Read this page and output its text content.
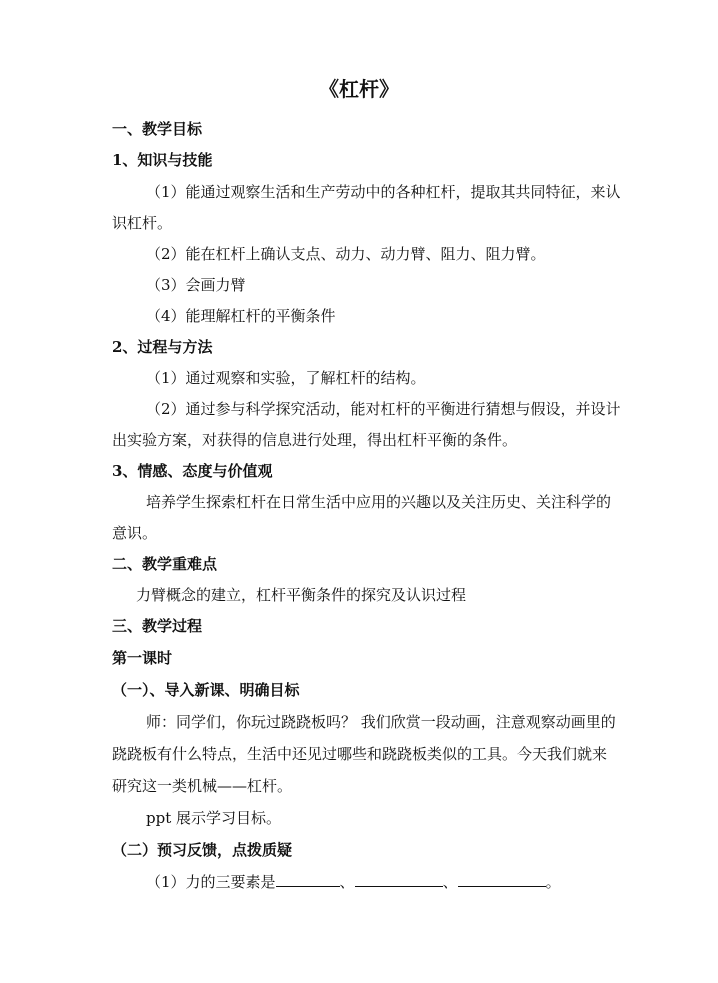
《杠杆》
一、教学目标
1、知识与技能
（1）能通过观察生活和生产劳动中的各种杠杆，提取其共同特征，来认
识杠杆。
（2）能在杠杆上确认支点、动力、动力臂、阻力、阻力臂。
（3）会画力臂
（4）能理解杠杆的平衡条件
2、过程与方法
（1）通过观察和实验，了解杠杆的结构。
（2）通过参与科学探究活动，能对杠杆的平衡进行猜想与假设，并设计
出实验方案，对获得的信息进行处理，得出杠杆平衡的条件。
3、情感、态度与价值观
培养学生探索杠杆在日常生活中应用的兴趣以及关注历史、关注科学的
意识。
二、教学重难点
力臂概念的建立，杠杆平衡条件的探究及认识过程
三、教学过程
第一课时
（一）、导入新课、明确目标
师：同学们，你玩过跷跷板吗？ 我们欣赏一段动画，注意观察动画里的
跷跷板有什么特点，生活中还见过哪些和跷跷板类似的工具。今天我们就来
研究这一类机械——杠杆。
ppt 展示学习目标。
（二）预习反馈，点拨质疑
（1）力的三要素是	、	、	。
